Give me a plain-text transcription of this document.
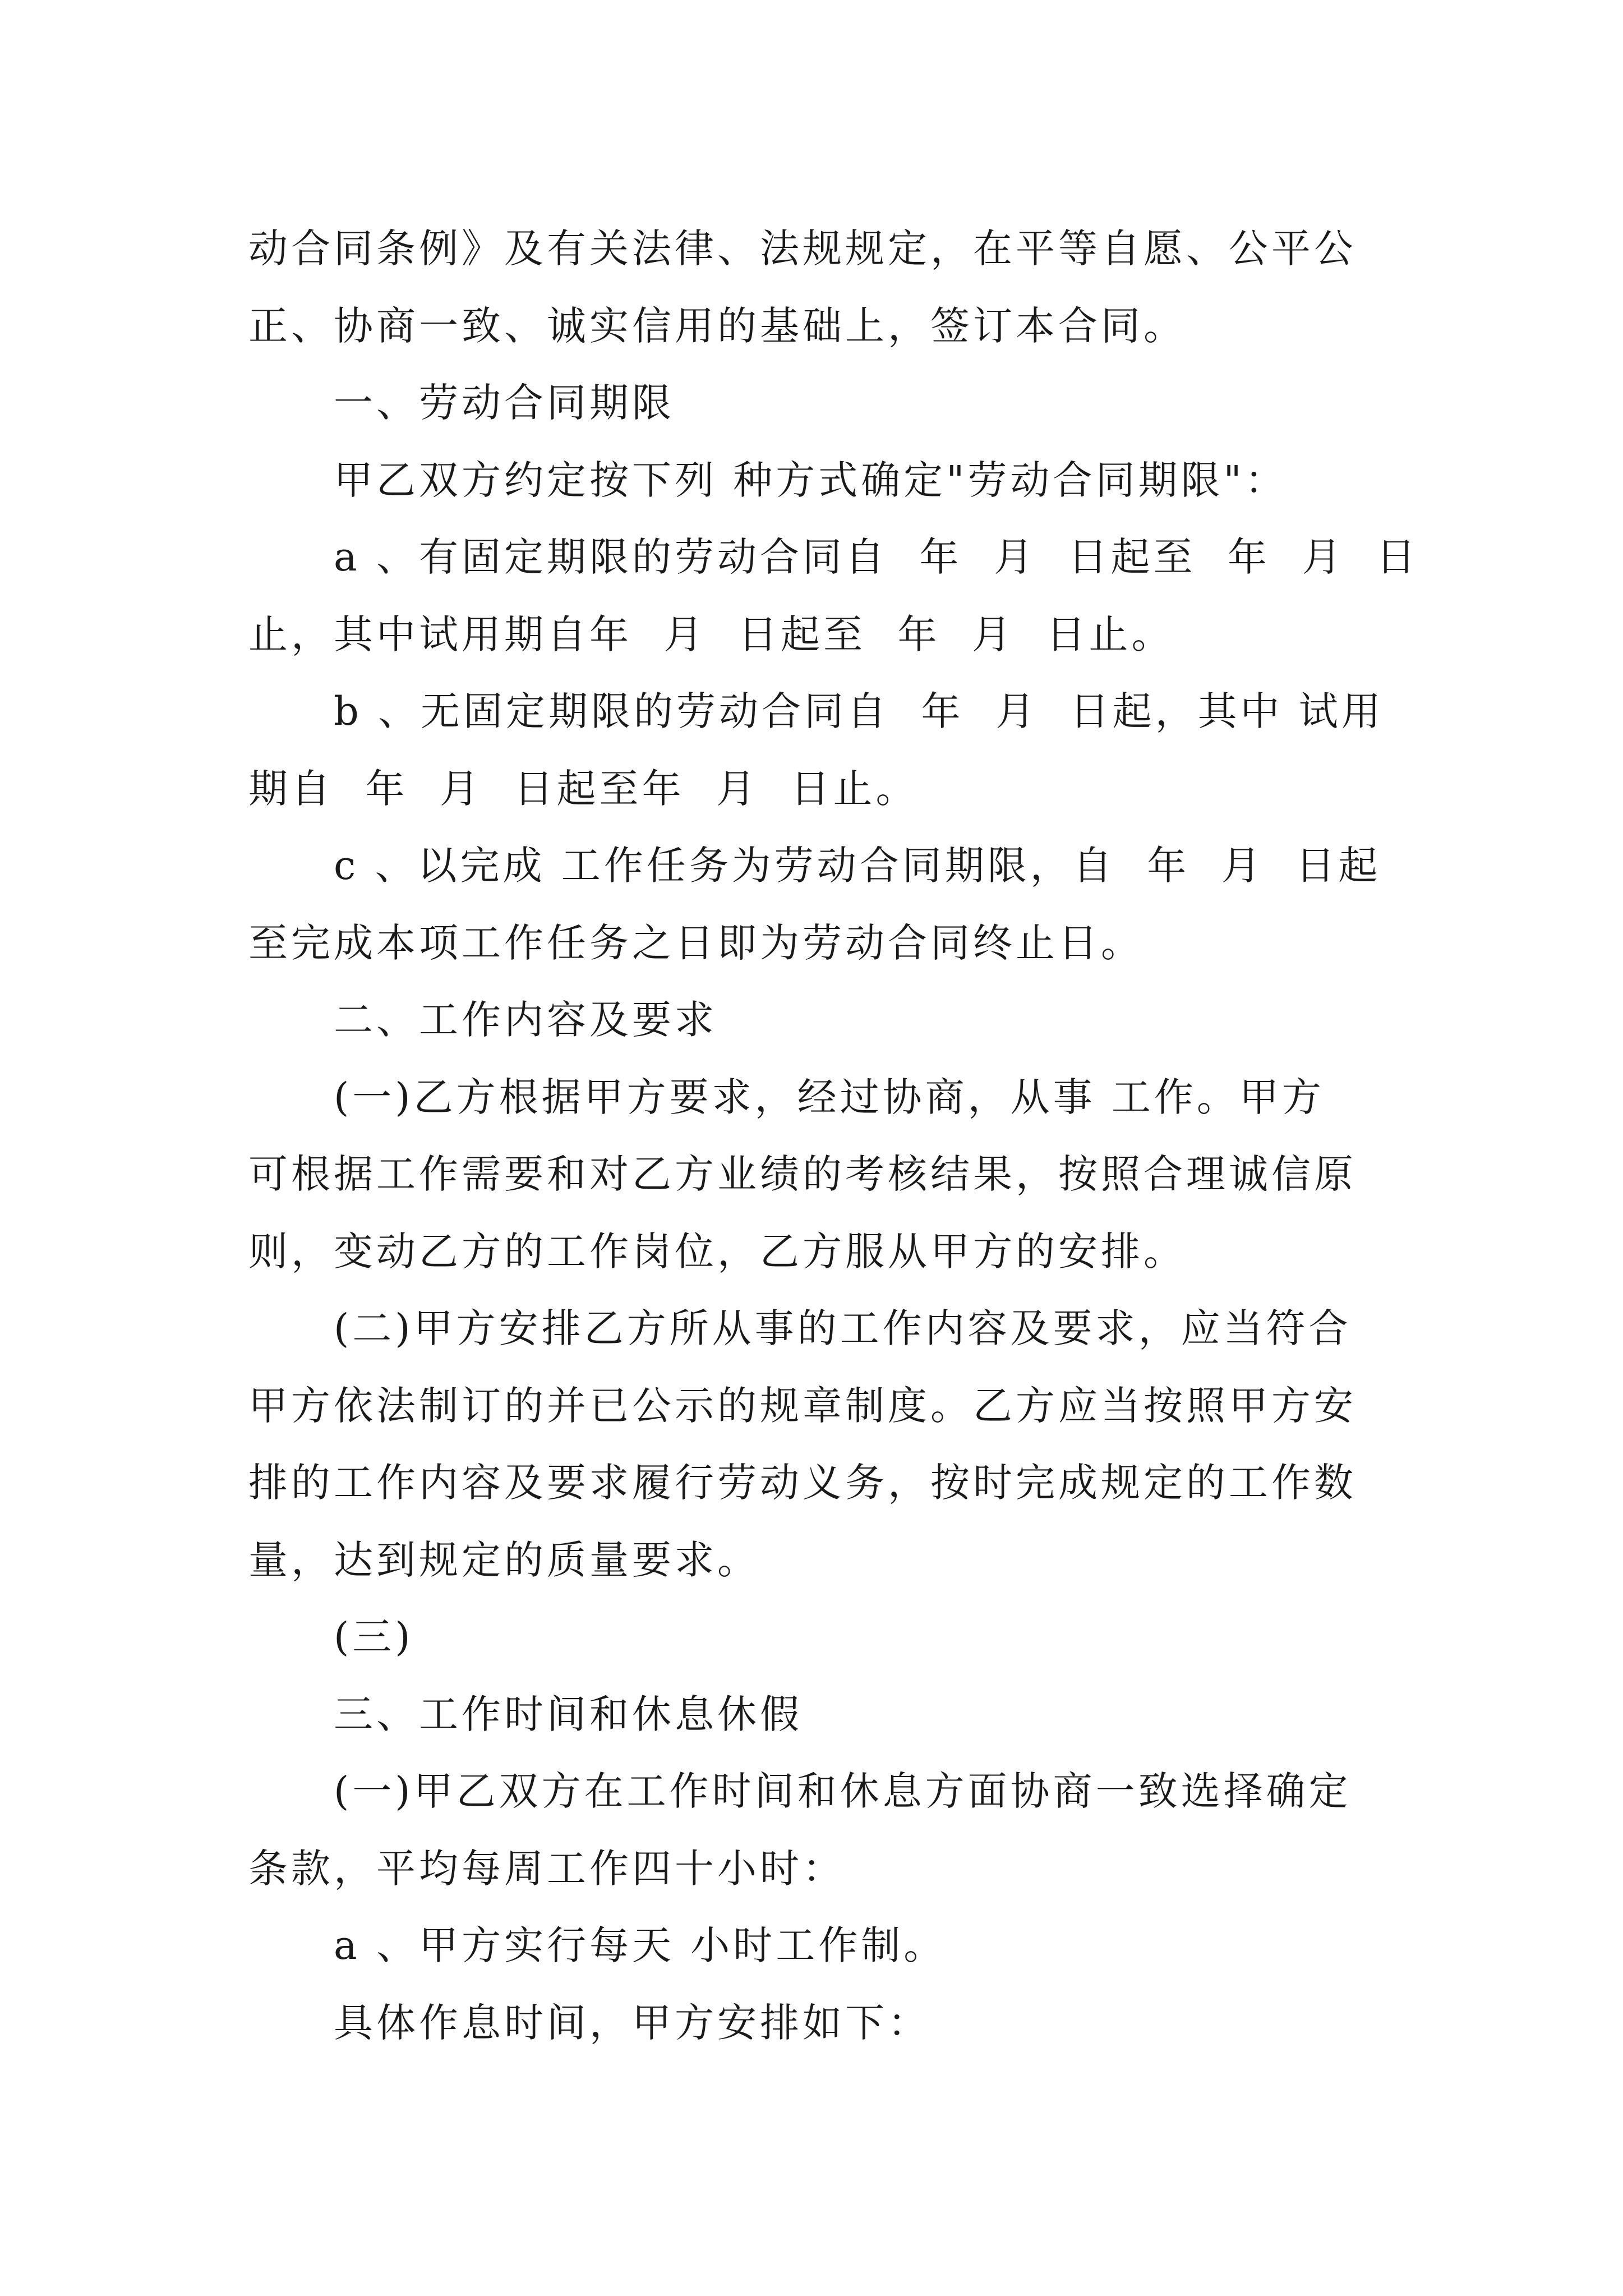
动合同条例》及有关法律、法规规定，在平等自愿、公平公
正、协商一致、诚实信用的基础上，签订本合同。
一、劳动合同期限
甲乙双方约定按下列 种方式确定"劳动合同期限"：
a 、有固定期限的劳动合同自  年  月  日起至  年  月  日
止，其中试用期自年  月  日起至  年  月  日止。
b 、无固定期限的劳动合同自  年  月  日起，其中 试用
期自  年  月  日起至年  月  日止。
c 、以完成 工作任务为劳动合同期限，自  年  月  日起
至完成本项工作任务之日即为劳动合同终止日。
二、工作内容及要求
(一)乙方根据甲方要求，经过协商，从事 工作。甲方
可根据工作需要和对乙方业绩的考核结果，按照合理诚信原
则，变动乙方的工作岗位，乙方服从甲方的安排。
(二)甲方安排乙方所从事的工作内容及要求，应当符合
甲方依法制订的并已公示的规章制度。乙方应当按照甲方安
排的工作内容及要求履行劳动义务，按时完成规定的工作数
量，达到规定的质量要求。
(三)
三、工作时间和休息休假
(一)甲乙双方在工作时间和休息方面协商一致选择确定
条款，平均每周工作四十小时：
a 、甲方实行每天 小时工作制。
具体作息时间，甲方安排如下：
